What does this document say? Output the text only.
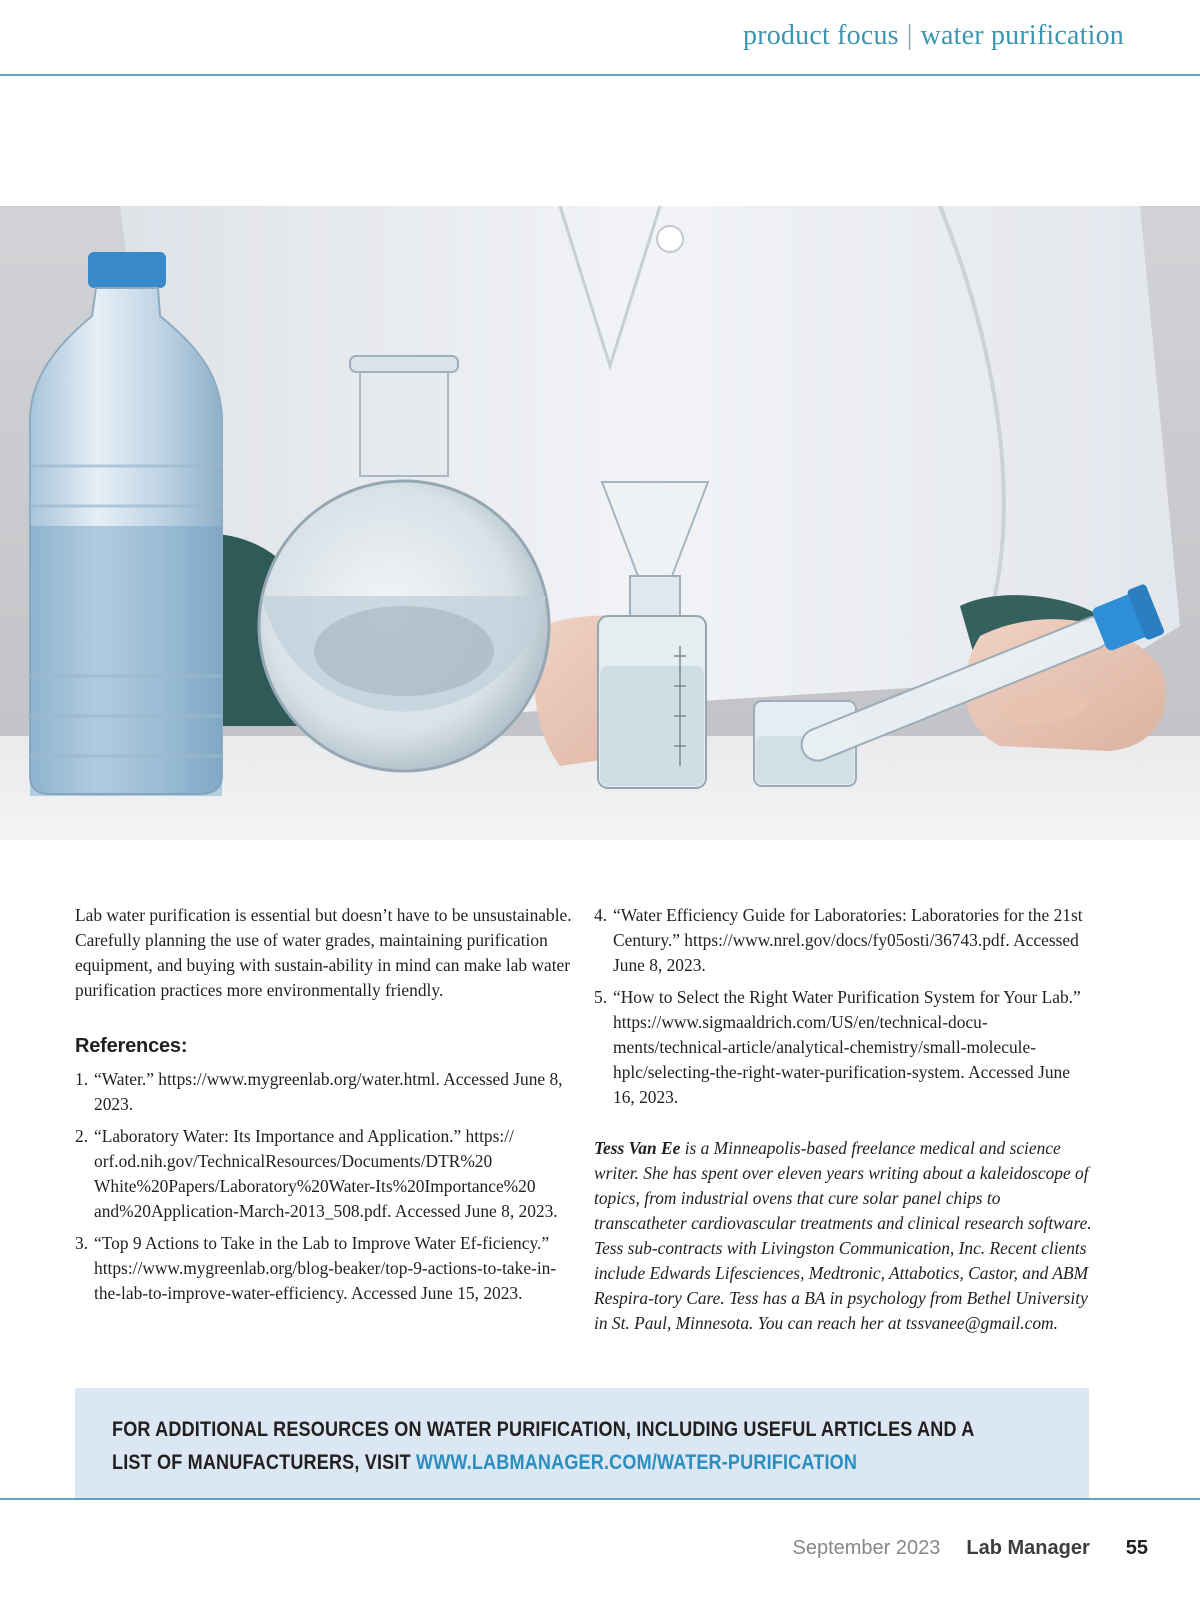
product focus | water purification

Lab water purification is essential but doesn’t have to be unsustainable. Carefully planning the use of water grades, maintaining purification equipment, and buying with sustain-ability in mind can make lab water purification practices more environmentally friendly.

References:
1. “Water.” https://www.mygreenlab.org/water.html. Accessed June 8, 2023.
2. “Laboratory Water: Its Importance and Application.” https:// orf.od.nih.gov/TechnicalResources/Documents/DTR%20 White%20Papers/Laboratory%20Water-Its%20Importance%20 and%20Application-March-2013_508.pdf. Accessed June 8, 2023.
3. “Top 9 Actions to Take in the Lab to Improve Water Ef-ficiency.” https://www.mygreenlab.org/blog-beaker/top-9-actions-to-take-in-the-lab-to-improve-water-efficiency. Accessed June 15, 2023.
4. “Water Efficiency Guide for Laboratories: Laboratories for the 21st Century.” https://www.nrel.gov/docs/fy05osti/36743.pdf. Accessed June 8, 2023.
5. “How to Select the Right Water Purification System for Your Lab.” https://www.sigmaaldrich.com/US/en/technical-docu-ments/technical-article/analytical-chemistry/small-molecule-hplc/selecting-the-right-water-purification-system. Accessed June 16, 2023.

Tess Van Ee is a Minneapolis-based freelance medical and science writer. She has spent over eleven years writing about a kaleidoscope of topics, from industrial ovens that cure solar panel chips to transcatheter cardiovascular treatments and clinical research software. Tess sub-contracts with Livingston Communication, Inc. Recent clients include Edwards Lifesciences, Medtronic, Attabotics, Castor, and ABM Respira-tory Care. Tess has a BA in psychology from Bethel University in St. Paul, Minnesota. You can reach her at tssvanee@gmail.com.

FOR ADDITIONAL RESOURCES ON WATER PURIFICATION, INCLUDING USEFUL ARTICLES AND A LIST OF MANUFACTURERS, VISIT WWW.LABMANAGER.COM/WATER-PURIFICATION
September 2023 Lab Manager 55
